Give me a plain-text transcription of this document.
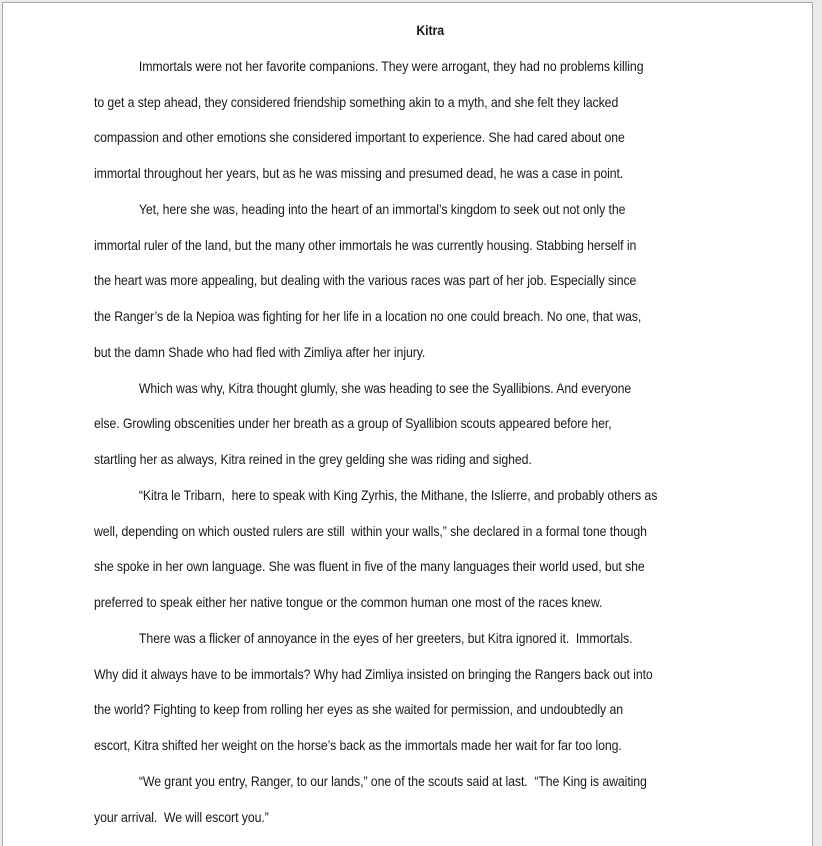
Kitra
Immortals were not her favorite companions. They were arrogant, they had no problems killing
to get a step ahead, they considered friendship something akin to a myth, and she felt they lacked
compassion and other emotions she considered important to experience. She had cared about one
immortal throughout her years, but as he was missing and presumed dead, he was a case in point.
Yet, here she was, heading into the heart of an immortal’s kingdom to seek out not only the
immortal ruler of the land, but the many other immortals he was currently housing. Stabbing herself in
the heart was more appealing, but dealing with the various races was part of her job. Especially since
the Ranger’s de la Nepioa was fighting for her life in a location no one could breach. No one, that was,
but the damn Shade who had fled with Zimliya after her injury.
Which was why, Kitra thought glumly, she was heading to see the Syallibions. And everyone
else. Growling obscenities under her breath as a group of Syallibion scouts appeared before her,
startling her as always, Kitra reined in the grey gelding she was riding and sighed.
“Kitra le Tribarn,  here to speak with King Zyrhis, the Mithane, the Islierre, and probably others as
well, depending on which ousted rulers are still  within your walls,” she declared in a formal tone though
she spoke in her own language. She was fluent in five of the many languages their world used, but she
preferred to speak either her native tongue or the common human one most of the races knew.
There was a flicker of annoyance in the eyes of her greeters, but Kitra ignored it.  Immortals.
Why did it always have to be immortals? Why had Zimliya insisted on bringing the Rangers back out into
the world? Fighting to keep from rolling her eyes as she waited for permission, and undoubtedly an
escort, Kitra shifted her weight on the horse’s back as the immortals made her wait for far too long.
“We grant you entry, Ranger, to our lands,” one of the scouts said at last.  “The King is awaiting
your arrival.  We will escort you.”
